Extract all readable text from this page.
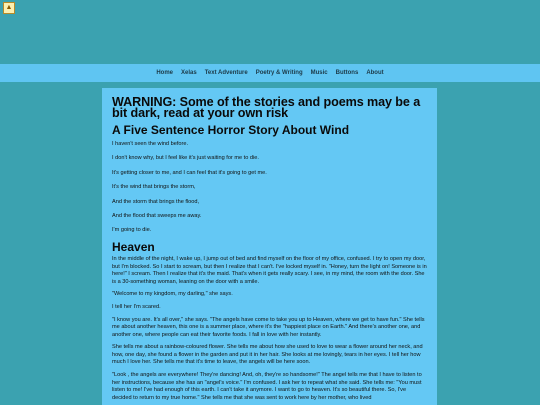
▲
Home	Xelas	Text Adventure	Poetry & Writing	Music	Buttons	About
WARNING: Some of the stories and poems may be a bit dark, read at your own risk
A Five Sentence Horror Story About Wind

I haven't seen the wind before.

I don't know why, but I feel like it's just waiting for me to die.

It's getting closer to me, and I can feel that it's going to get me.

It's the wind that brings the storm,

And the storm that brings the flood,

And the flood that sweeps me away.

I'm going to die.

Heaven

In the middle of the night, I wake up, I jump out of bed and find myself on the floor of my office, confused. I try to open my door, but I'm blocked. So I start to scream, but then I realize that I can't. I've locked myself in. "Honey, turn the light on! Someone is in here!" I scream. Then I realize that it's the maid. That's when it gets really scary. I see, in my mind, the room with the door. She is a 30-something woman, leaning on the door with a smile.

"Welcome to my kingdom, my darling," she says.

I tell her I'm scared.

"I know you are. It's all over," she says. "The angels have come to take you up to Heaven, where we get to have fun." She tells me about another heaven, this one is a summer place, where it's the "happiest place on Earth." And there's another one, and another one, where people can eat their favorite foods. I fall in love with her instantly.

She tells me about a rainbow-coloured flower. She tells me about how she used to love to wear a flower around her neck, and how, one day, she found a flower in the garden and put it in her hair. She looks at me lovingly, tears in her eyes. I tell her how much I love her. She tells me that it's time to leave, the angels will be here soon.

"Look , the angels are everywhere! They're dancing! And, oh, they're so handsome!" The angel tells me that I have to listen to her instructions, because she has an "angel's voice." I'm confused. I ask her to repeat what she said. She tells me: "You must listen to me! I've had enough of this earth. I can't take it anymore. I want to go to heaven. It's so beautiful there. So, I've decided to return to my true home." She tells me that she was sent to work here by her mother, who lived
